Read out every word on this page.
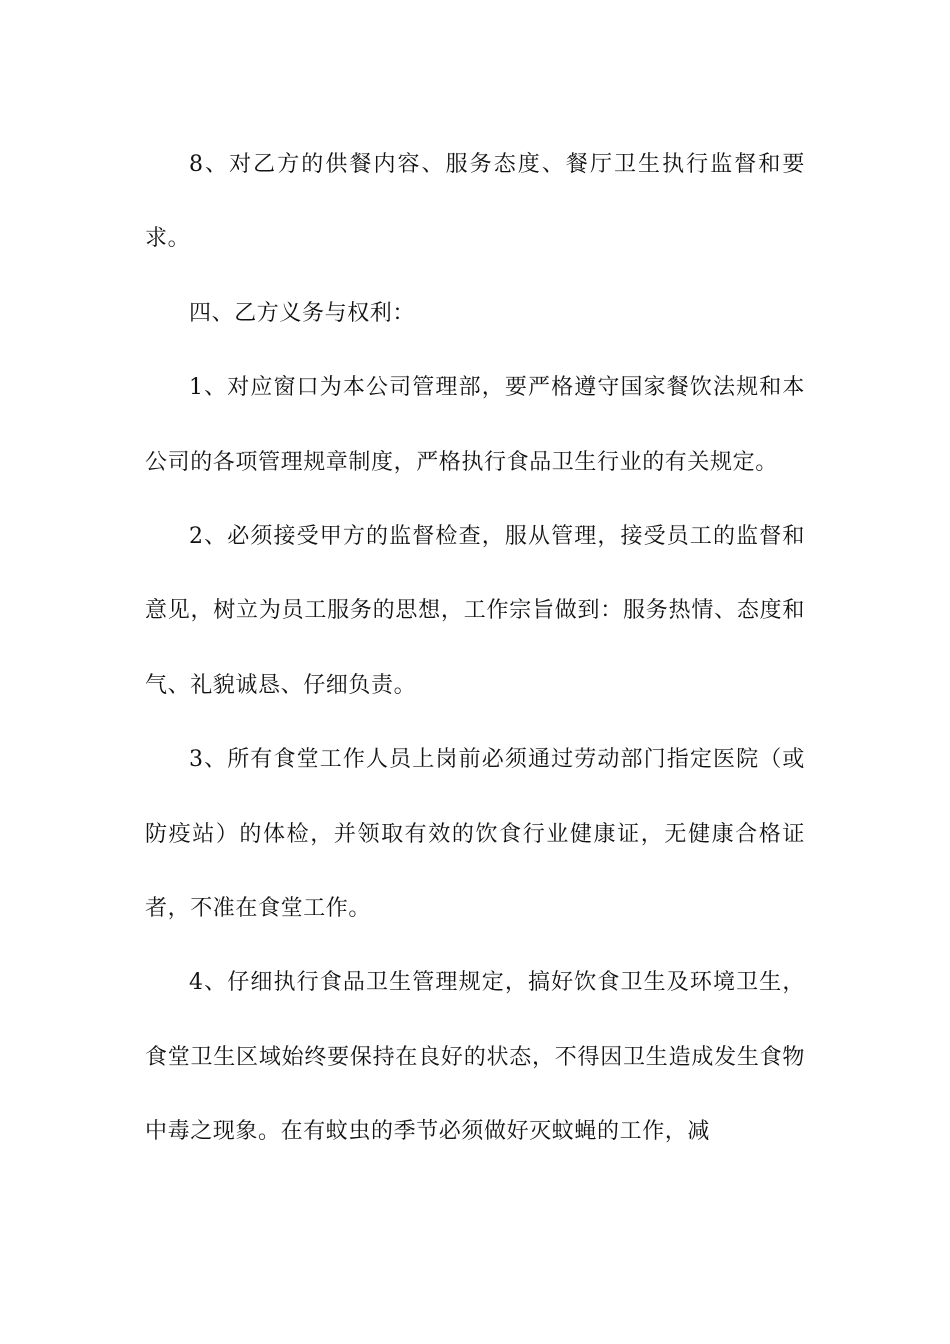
8、对乙方的供餐内容、服务态度、餐厅卫生执行监督和要求。

四、乙方义务与权利：

1、对应窗口为本公司管理部，要严格遵守国家餐饮法规和本公司的各项管理规章制度，严格执行食品卫生行业的有关规定。

2、必须接受甲方的监督检查，服从管理，接受员工的监督和意见，树立为员工服务的思想，工作宗旨做到：服务热情、态度和气、礼貌诚恳、仔细负责。

3、所有食堂工作人员上岗前必须通过劳动部门指定医院（或防疫站）的体检，并领取有效的饮食行业健康证，无健康合格证者，不准在食堂工作。

4、仔细执行食品卫生管理规定，搞好饮食卫生及环境卫生，食堂卫生区域始终要保持在良好的状态，不得因卫生造成发生食物中毒之现象。在有蚊虫的季节必须做好灭蚊蝇的工作，减
